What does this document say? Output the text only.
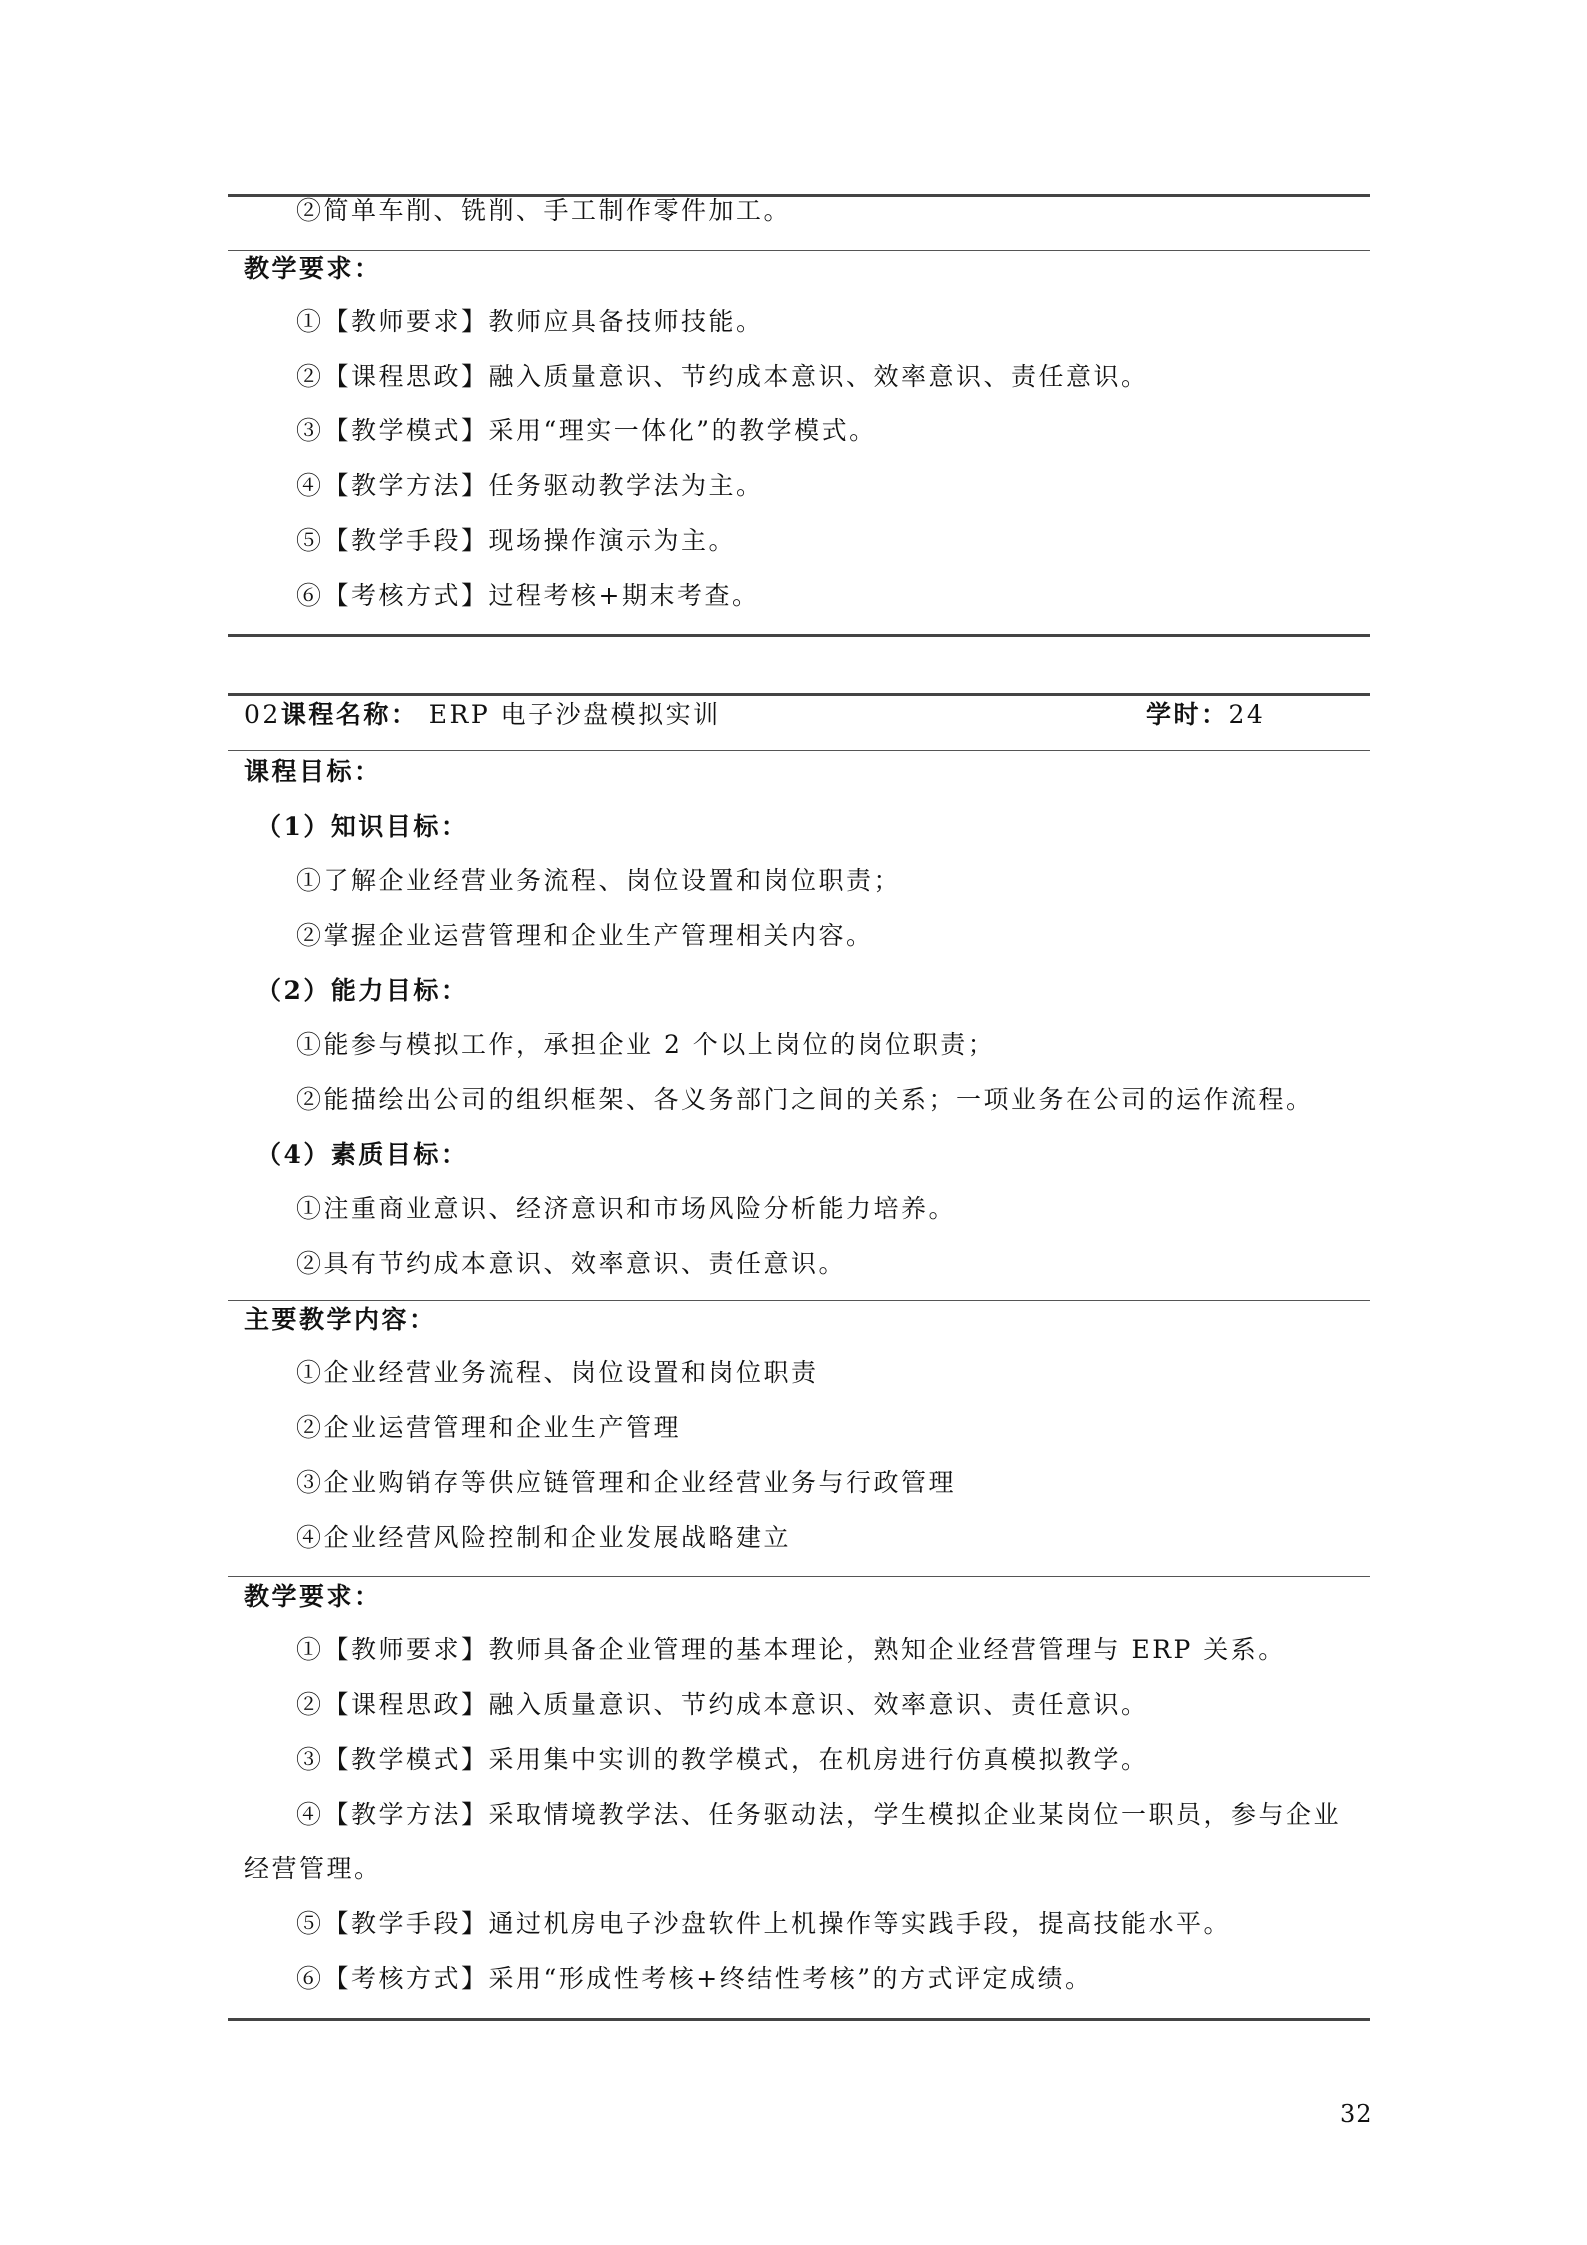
②简单车削、铣削、手工制作零件加工。
教学要求：
①【教师要求】教师应具备技师技能。
②【课程思政】融入质量意识、节约成本意识、效率意识、责任意识。
③【教学模式】采用“理实一体化”的教学模式。
④【教学方法】任务驱动教学法为主。
⑤【教学手段】现场操作演示为主。
⑥【考核方式】过程考核+期末考查。
02课程名称： ERP 电子沙盘模拟实训	学时：24
课程目标：
（1）知识目标：
①了解企业经营业务流程、岗位设置和岗位职责；
②掌握企业运营管理和企业生产管理相关内容。
（2）能力目标：
①能参与模拟工作，承担企业 2 个以上岗位的岗位职责；
②能描绘出公司的组织框架、各义务部门之间的关系；一项业务在公司的运作流程。
（4）素质目标：
①注重商业意识、经济意识和市场风险分析能力培养。
②具有节约成本意识、效率意识、责任意识。
主要教学内容：
①企业经营业务流程、岗位设置和岗位职责
②企业运营管理和企业生产管理
③企业购销存等供应链管理和企业经营业务与行政管理
④企业经营风险控制和企业发展战略建立
教学要求：
①【教师要求】教师具备企业管理的基本理论，熟知企业经营管理与 ERP 关系。
②【课程思政】融入质量意识、节约成本意识、效率意识、责任意识。
③【教学模式】采用集中实训的教学模式，在机房进行仿真模拟教学。
④【教学方法】采取情境教学法、任务驱动法，学生模拟企业某岗位一职员，参与企业
经营管理。
⑤【教学手段】通过机房电子沙盘软件上机操作等实践手段，提高技能水平。
⑥【考核方式】采用“形成性考核+终结性考核”的方式评定成绩。
32
